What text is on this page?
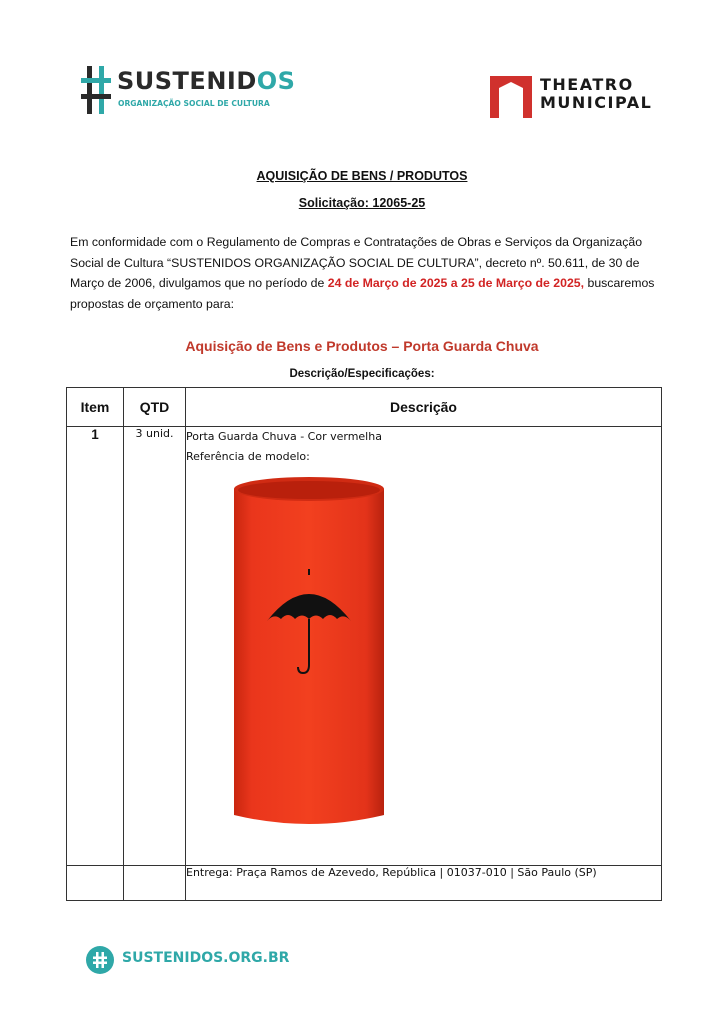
SUSTENIDOS
ORGANIZAÇÃO SOCIAL DE CULTURA
THEATRO
MUNICIPAL
AQUISIÇÃO DE BENS / PRODUTOS
Solicitação: 12065-25
Em conformidade com o Regulamento de Compras e Contratações de Obras e Serviços da Organização Social de Cultura “SUSTENIDOS ORGANIZAÇÃO SOCIAL DE CULTURA”, decreto nº. 50.611, de 30 de Março de 2006, divulgamos que no período de 24 de Março de 2025 a 25 de Março de 2025, buscaremos propostas de orçamento para:
Aquisição de Bens e Produtos – Porta Guarda Chuva
Descrição/Especificações:
Item	QTD	Descrição
1	3 unid.	Porta Guarda Chuva - Cor vermelha
Referência de modelo:

		Entrega: Praça Ramos de Azevedo, República | 01037-010 | São Paulo (SP)
SUSTENIDOS.ORG.BR
